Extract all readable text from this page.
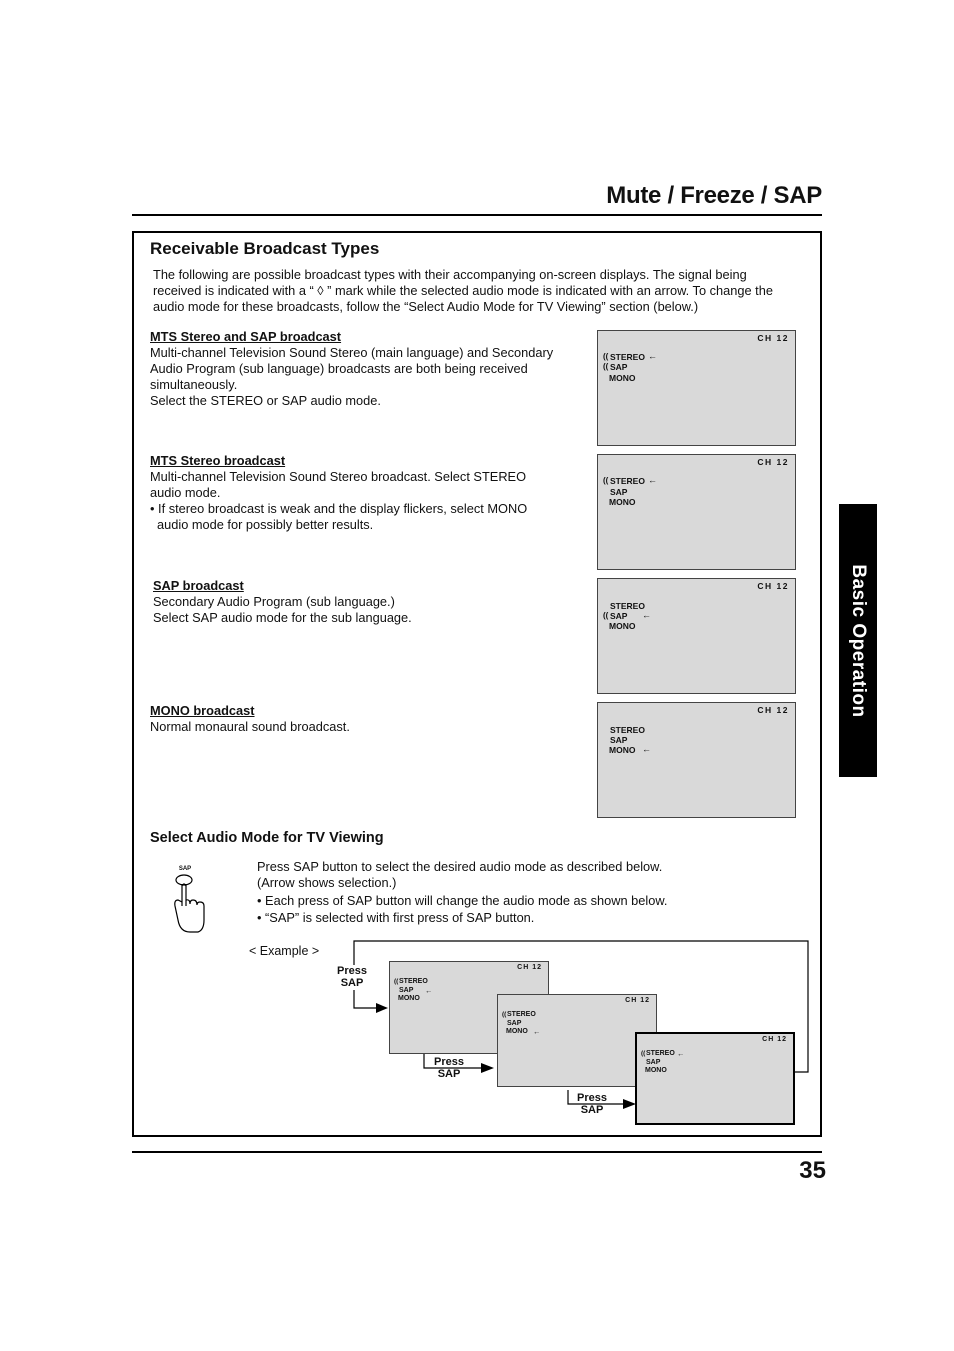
Mute / Freeze / SAP
Basic Operation
Receivable Broadcast Types
The following are possible broadcast types with their accompanying on-screen displays. The signal being
received is indicated with a “ ◊ ” mark while the selected audio mode is indicated with an arrow. To change the
audio mode for these broadcasts, follow the “Select Audio Mode for TV Viewing” section (below.)
MTS Stereo and SAP broadcast
Multi-channel Television Sound Stereo (main language) and Secondary
Audio Program (sub language) broadcasts are both being received
simultaneously.
Select the STEREO or SAP audio mode.
MTS Stereo broadcast
Multi-channel Television Sound Stereo broadcast. Select STEREO
audio mode.
• If stereo broadcast is weak and the display flickers, select MONO
audio mode for possibly better results.
SAP broadcast
Secondary Audio Program (sub language.)
Select SAP audio mode for the sub language.
MONO broadcast
Normal monaural sound broadcast.
CH 12
(( STEREO ←
(( SAP
MONO
CH 12
(( STEREO ←
SAP
MONO
CH 12
STEREO
(( SAP ←
MONO
CH 12
STEREO
SAP
MONO ←
Select Audio Mode for TV Viewing
SAP	Press SAP button to select the desired audio mode as described below.
(Arrow shows selection.)
• Each press of SAP button will change the audio mode as shown below.
• “SAP” is selected with first press of SAP button.
< Example >
Press
SAP
Press
SAP
Press
SAP
CH 12
(( STEREO
SAP ←
MONO	CH 12
(( STEREO
SAP
MONO ←
CH 12
(( STEREO ←
SAP
MONO
35
